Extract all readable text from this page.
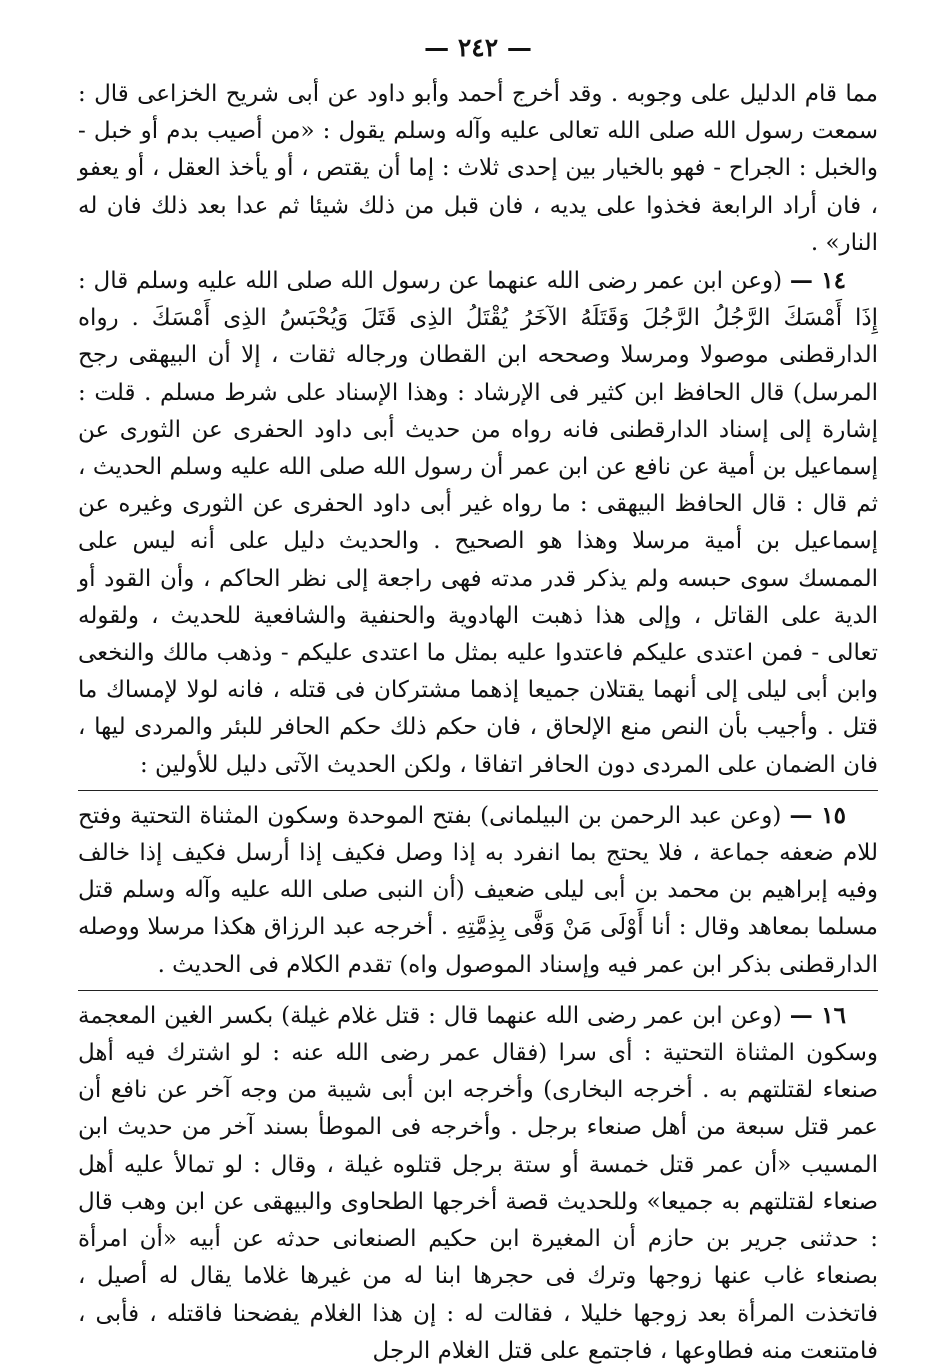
— ٢٤٢ —

مما قام الدليل على وجوبه . وقد أخرج أحمد وأبو داود عن أبى شريح الخزاعى قال : سمعت رسول الله صلى الله تعالى عليه وآله وسلم يقول : «من أصيب بدم أو خبل - والخبل : الجراح - فهو بالخيار بين إحدى ثلاث : إما أن يقتص ، أو يأخذ العقل ، أو يعفو ، فان أراد الرابعة فخذوا على يديه ، فان قبل من ذلك شيئا ثم عدا بعد ذلك فان له النار» .

١٤ — (وعن ابن عمر رضى الله عنهما عن رسول الله صلى الله عليه وسلم قال : إِذَا أَمْسَكَ الرَّجُلُ الرَّجُلَ وَقَتَلَهُ الآخَرُ يُقْتَلُ الذِى قَتَلَ وَيُحْبَسُ الذِى أَمْسَكَ . رواه الدارقطنى موصولا ومرسلا وصححه ابن القطان ورجاله ثقات ، إلا أن البيهقى رجح المرسل) قال الحافظ ابن كثير فى الإرشاد : وهذا الإسناد على شرط مسلم . قلت : إشارة إلى إسناد الدارقطنى فانه رواه من حديث أبى داود الحفرى عن الثورى عن إسماعيل بن أمية عن نافع عن ابن عمر أن رسول الله صلى الله عليه وسلم الحديث ، ثم قال : قال الحافظ البيهقى : ما رواه غير أبى داود الحفرى عن الثورى وغيره عن إسماعيل بن أمية مرسلا وهذا هو الصحيح . والحديث دليل على أنه ليس على الممسك سوى حبسه ولم يذكر قدر مدته فهى راجعة إلى نظر الحاكم ، وأن القود أو الدية على القاتل ، وإلى هذا ذهبت الهادوية والحنفية والشافعية للحديث ، ولقوله تعالى - فمن اعتدى عليكم فاعتدوا عليه بمثل ما اعتدى عليكم - وذهب مالك والنخعى وابن أبى ليلى إلى أنهما يقتلان جميعا إذهما مشتركان فى قتله ، فانه لولا لإمساك ما قتل . وأجيب بأن النص منع الإلحاق ، فان حكم ذلك حكم الحافر للبئر والمردى ليها ، فان الضمان على المردى دون الحافر اتفاقا ، ولكن الحديث الآتى دليل للأولين :

١٥ — (وعن عبد الرحمن بن البيلمانى) بفتح الموحدة وسكون المثناة التحتية وفتح للام ضعفه جماعة ، فلا يحتج بما انفرد به إذا وصل فكيف إذا أرسل فكيف إذا خالف وفيه إبراهيم بن محمد بن أبى ليلى ضعيف (أن النبى صلى الله عليه وآله وسلم قتل مسلما بمعاهد وقال : أنا أَوْلَى مَنْ وَفَّى بِذِمَّتِهِ . أخرجه عبد الرزاق هكذا مرسلا ووصله الدارقطنى بذكر ابن عمر فيه وإسناد الموصول واه) تقدم الكلام فى الحديث .

١٦ — (وعن ابن عمر رضى الله عنهما قال : قتل غلام غيلة) بكسر الغين المعجمة وسكون المثناة التحتية : أى سرا (فقال عمر رضى الله عنه : لو اشترك فيه أهل صنعاء لقتلتهم به . أخرجه البخارى) وأخرجه ابن أبى شيبة من وجه آخر عن نافع أن عمر قتل سبعة من أهل صنعاء برجل . وأخرجه فى الموطأ بسند آخر من حديث ابن المسيب «أن عمر قتل خمسة أو ستة برجل قتلوه غيلة ، وقال : لو تمالأ عليه أهل صنعاء لقتلتهم به جميعا» وللحديث قصة أخرجها الطحاوى والبيهقى عن ابن وهب قال : حدثنى جرير بن حازم أن المغيرة ابن حكيم الصنعانى حدثه عن أبيه «أن امرأة بصنعاء غاب عنها زوجها وترك فى حجرها ابنا له من غيرها غلاما يقال له أصيل ، فاتخذت المرأة بعد زوجها خليلا ، فقالت له : إن هذا الغلام يفضحنا فاقتله ، فأبى ، فامتنعت منه فطاوعها ، فاجتمع على قتل الغلام الرجل
